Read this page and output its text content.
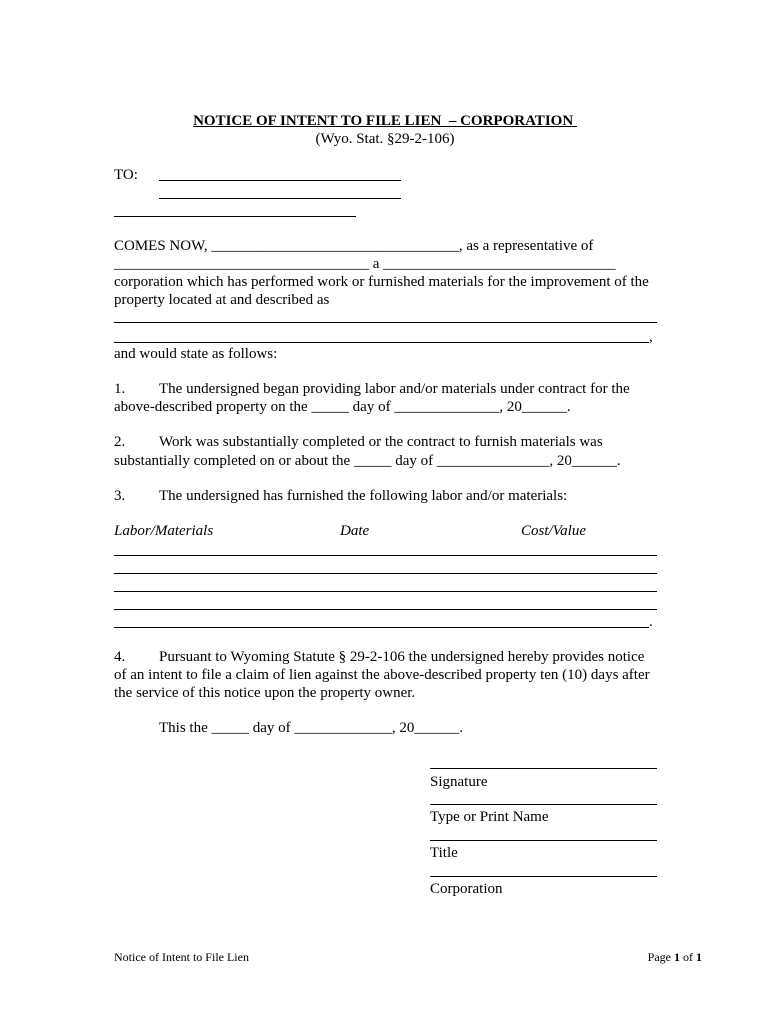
NOTICE OF INTENT TO FILE LIEN  – CORPORATION
(Wyo. Stat. §29-2-106)
TO:
COMES NOW, _________________________________, as a representative of
__________________________________ a _______________________________
corporation which has performed work or furnished materials for the improvement of the
property located at and described as
,
and would state as follows:
1. The undersigned began providing labor and/or materials under contract for the
above-described property on the _____ day of ______________, 20______.
2. Work was substantially completed or the contract to furnish materials was
substantially completed on or about the _____ day of _______________, 20______.
3. The undersigned has furnished the following labor and/or materials:
Labor/Materials	Date	Cost/Value
.
4. Pursuant to Wyoming Statute § 29-2-106 the undersigned hereby provides notice
of an intent to file a claim of lien against the above-described property ten (10) days after
the service of this notice upon the property owner.
This the _____ day of _____________, 20______.
Signature
Type or Print Name
Title
Corporation
Notice of Intent to File Lien	Page 1 of 1
